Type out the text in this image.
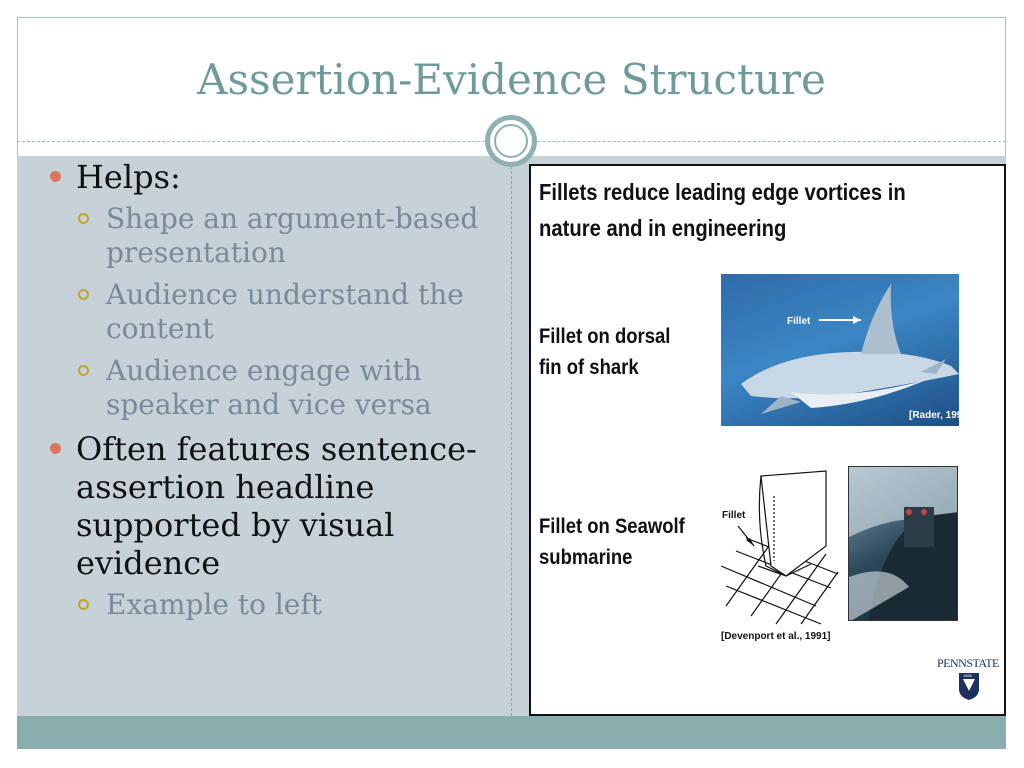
Assertion-Evidence Structure
Helps:
Shape an argument-based presentation
Audience understand the content
Audience engage with speaker and vice versa
Often features sentence-assertion headline supported by visual evidence
Example to left
Fillets reduce leading edge vortices in nature and in engineering
Fillet on dorsal fin of shark
Fillet
[Rader, 1997]
Fillet on Seawolf submarine
Fillet
[Devenport et al., 1991]
PENNSTATE
1855
